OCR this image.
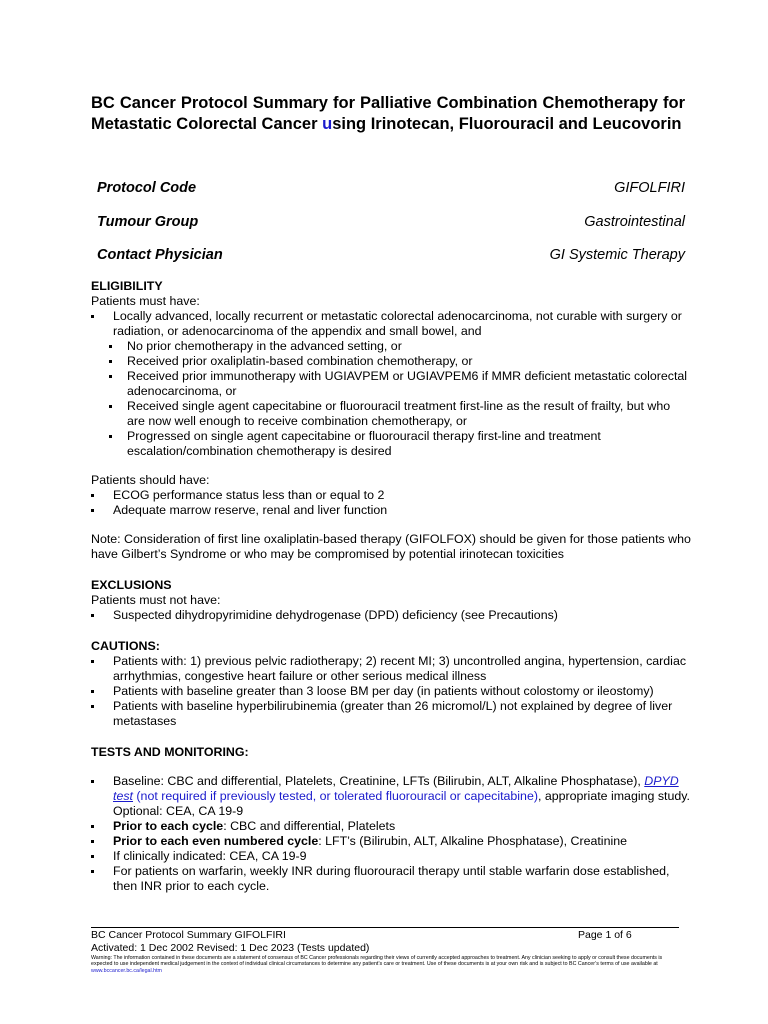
BC Cancer Protocol Summary for Palliative Combination Chemotherapy for Metastatic Colorectal Cancer using Irinotecan, Fluorouracil and Leucovorin
Protocol Code	GIFOLFIRI
Tumour Group	Gastrointestinal
Contact Physician	GI Systemic Therapy
ELIGIBILITY
Patients must have:
Locally advanced, locally recurrent or metastatic colorectal adenocarcinoma, not curable with surgery or radiation, or adenocarcinoma of the appendix and small bowel, and
No prior chemotherapy in the advanced setting, or
Received prior oxaliplatin-based combination chemotherapy, or
Received prior immunotherapy with UGIAVPEM or UGIAVPEM6 if MMR deficient metastatic colorectal adenocarcinoma, or
Received single agent capecitabine or fluorouracil treatment first-line as the result of frailty, but who are now well enough to receive combination chemotherapy, or
Progressed on single agent capecitabine or fluorouracil therapy first-line and treatment escalation/combination chemotherapy is desired
Patients should have:
ECOG performance status less than or equal to 2
Adequate marrow reserve, renal and liver function
Note: Consideration of first line oxaliplatin-based therapy (GIFOLFOX) should be given for those patients who have Gilbert’s Syndrome or who may be compromised by potential irinotecan toxicities
EXCLUSIONS
Patients must not have:
Suspected dihydropyrimidine dehydrogenase (DPD) deficiency (see Precautions)
CAUTIONS:
Patients with: 1) previous pelvic radiotherapy; 2) recent MI; 3) uncontrolled angina, hypertension, cardiac arrhythmias, congestive heart failure or other serious medical illness
Patients with baseline greater than 3 loose BM per day (in patients without colostomy or ileostomy)
Patients with baseline hyperbilirubinemia (greater than 26 micromol/L) not explained by degree of liver metastases
TESTS AND MONITORING:
Baseline: CBC and differential, Platelets, Creatinine, LFTs (Bilirubin, ALT, Alkaline Phosphatase), DPYD test (not required if previously tested, or tolerated fluorouracil or capecitabine), appropriate imaging study. Optional: CEA, CA 19-9
Prior to each cycle: CBC and differential, Platelets
Prior to each even numbered cycle: LFT’s (Bilirubin, ALT, Alkaline Phosphatase), Creatinine
If clinically indicated: CEA, CA 19-9
For patients on warfarin, weekly INR during fluorouracil therapy until stable warfarin dose established, then INR prior to each cycle.
BC Cancer Protocol Summary GIFOLFIRI
Activated: 1 Dec 2002 Revised: 1 Dec 2023 (Tests updated)
Page 1 of 6
Warning: The information contained in these documents are a statement of consensus of BC Cancer professionals regarding their views of currently accepted approaches to treatment. Any clinician seeking to apply or consult these documents is expected to use independent medical judgement in the context of individual clinical circumstances to determine any patient’s care or treatment. Use of these documents is at your own risk and is subject to BC Cancer’s terms of use available at www.bccancer.bc.ca/legal.htm
